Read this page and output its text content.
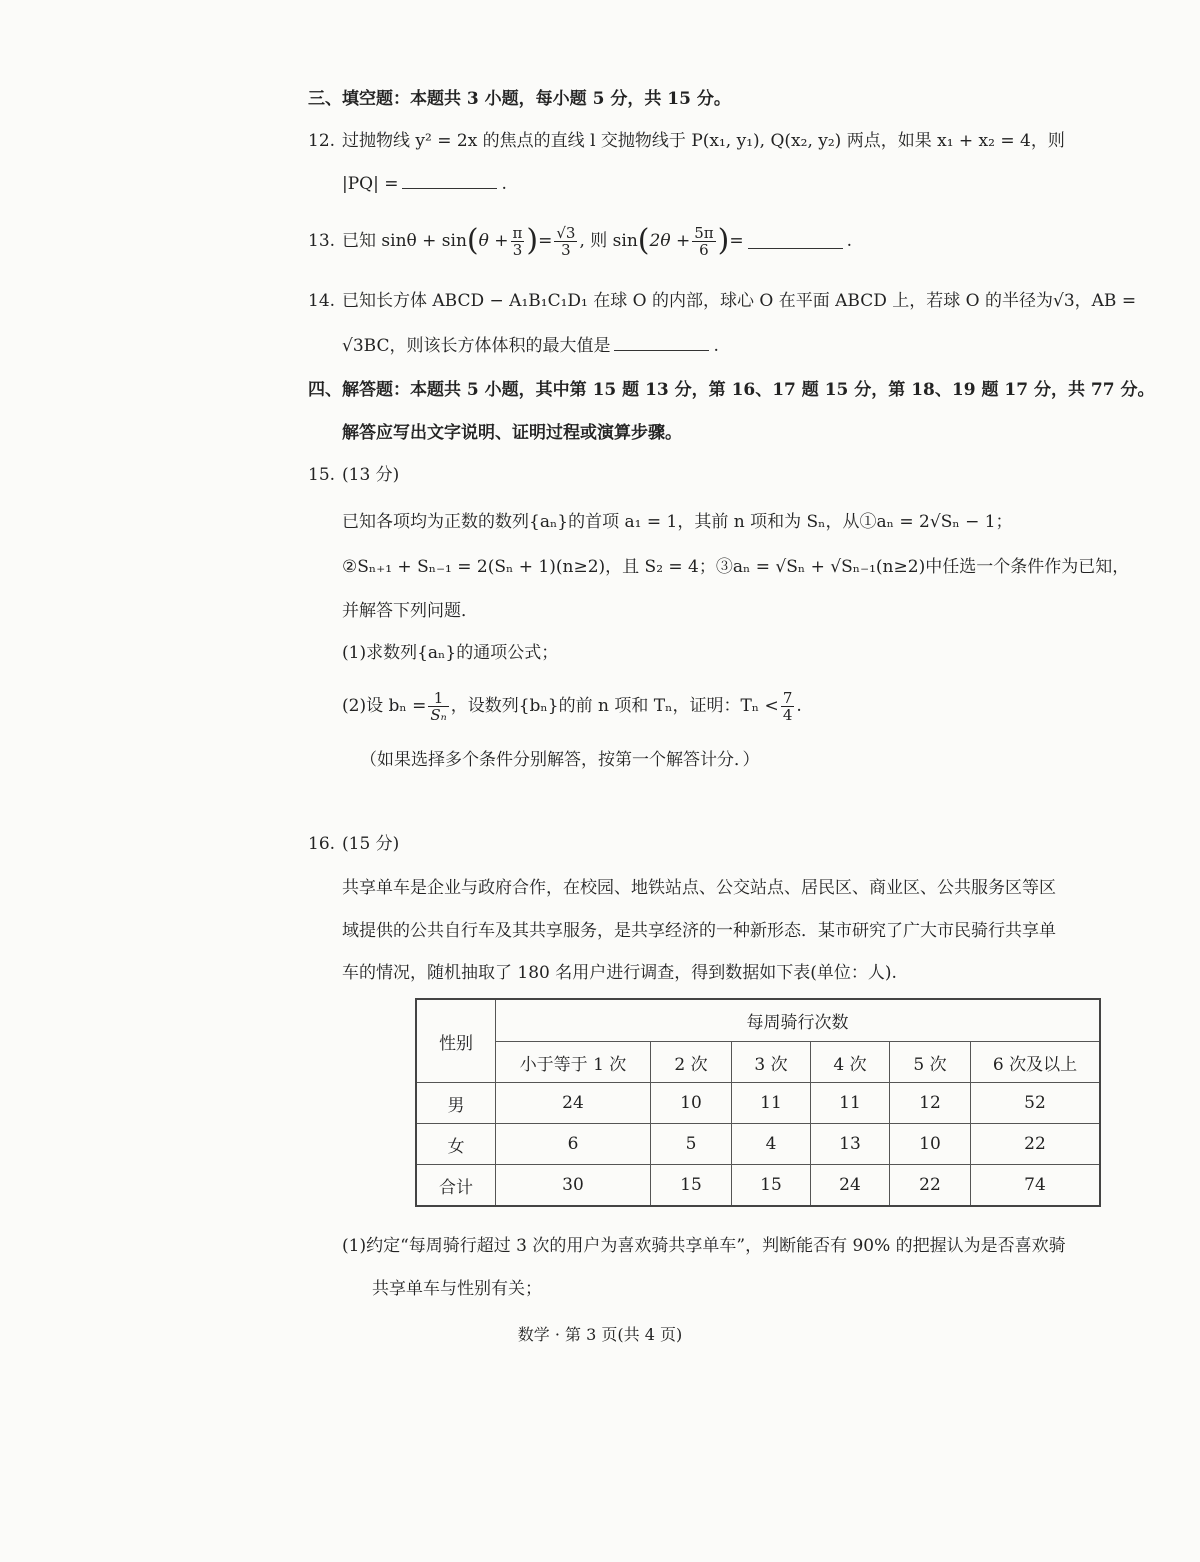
三、填空题：本题共 3 小题，每小题 5 分，共 15 分。
12. 过抛物线 y² = 2x 的焦点的直线 l 交抛物线于 P(x₁, y₁), Q(x₂, y₂) 两点，如果 x₁ + x₂ = 4，则
|PQ| =	.
13. 已知 sinθ + sin ( $\theta + \frac{\pi}{3}$ ) = $\frac{√3}{3}$ , 则 sin ( $2\theta + \frac{5\pi}{6}$ ) =	.
14. 已知长方体 ABCD − A₁B₁C₁D₁ 在球 O 的内部，球心 O 在平面 ABCD 上，若球 O 的半径为√3，AB =
√3BC，则该长方体体积的最大值是	.
四、解答题：本题共 5 小题，其中第 15 题 13 分，第 16、17 题 15 分，第 18、19 题 17 分，共 77 分。
解答应写出文字说明、证明过程或演算步骤。
15. (13 分)
已知各项均为正数的数列{aₙ}的首项 a₁ = 1，其前 n 项和为 Sₙ，从①aₙ = 2√Sₙ − 1；
②Sₙ₊₁ + Sₙ₋₁ = 2(Sₙ + 1)(n≥2)，且 S₂ = 4；③aₙ = √Sₙ + √Sₙ₋₁(n≥2)中任选一个条件作为已知，
并解答下列问题．
(1)求数列{aₙ}的通项公式；
(2)设 $b_n = \frac{1}{\text{Sₙ}}$ ，设数列{bₙ}的前 n 项和 Tₙ，证明：$T_n < \frac{7}{4}$ .
（如果选择多个条件分别解答，按第一个解答计分．）
16. (15 分)
共享单车是企业与政府合作，在校园、地铁站点、公交站点、居民区、商业区、公共服务区等区
域提供的公共自行车及其共享服务，是共享经济的一种新形态．某市研究了广大市民骑行共享单
车的情况，随机抽取了 180 名用户进行调查，得到数据如下表(单位：人).
性别	每周骑行次数					
	小于等于 1 次	2 次	3 次	4 次	5 次	6 次及以上
男	24	10	11	11	12	52
女	6	5	4	13	10	22
合计	30	15	15	24	22	74
(1)约定“每周骑行超过 3 次的用户为喜欢骑共享单车”，判断能否有 90% 的把握认为是否喜欢骑
共享单车与性别有关；
数学 · 第 3 页(共 4 页)
